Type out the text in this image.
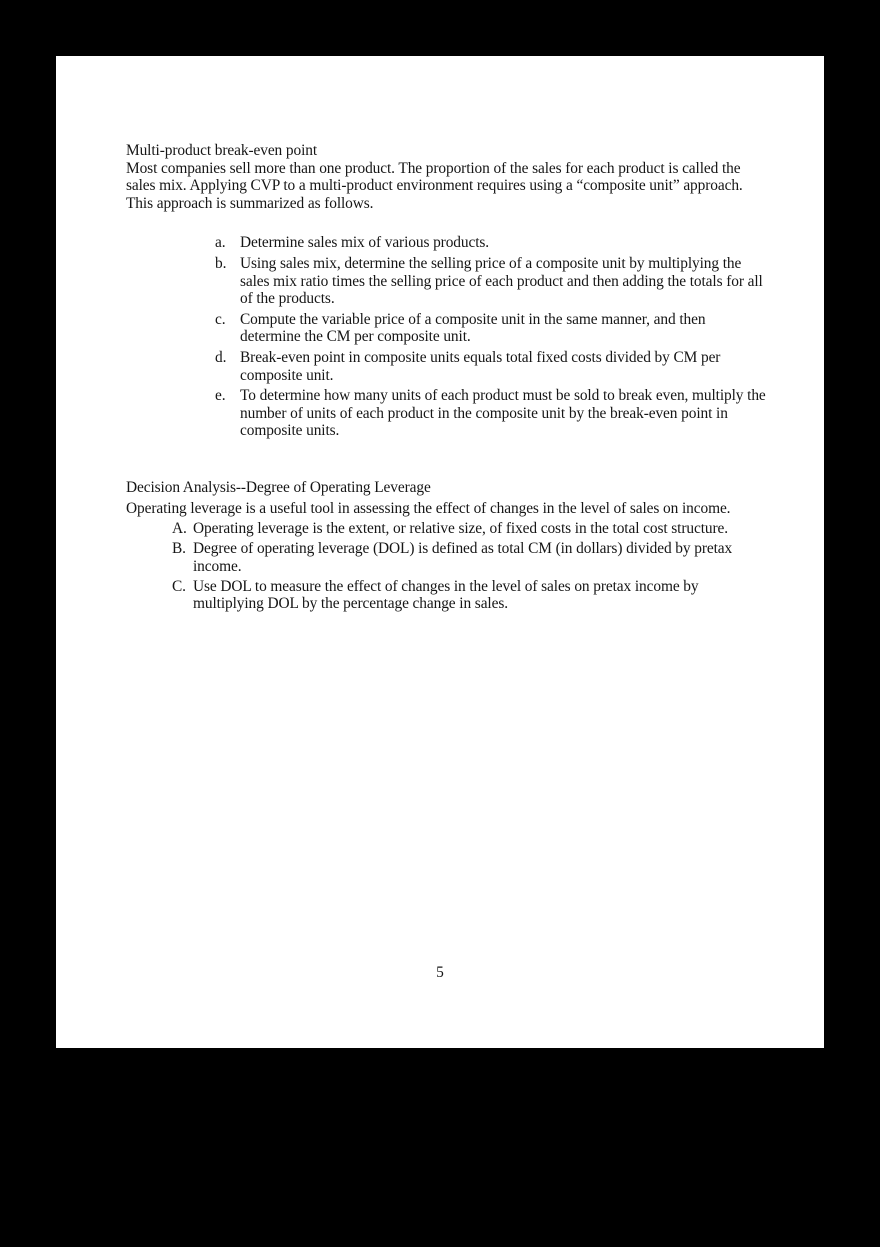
Multi-product break-even point

Most companies sell more than one product. The proportion of the sales for each product is called the sales mix. Applying CVP to a multi-product environment requires using a “composite unit” approach. This approach is summarized as follows.

a. Determine sales mix of various products.
b. Using sales mix, determine the selling price of a composite unit by multiplying the sales mix ratio times the selling price of each product and then adding the totals for all of the products.
c. Compute the variable price of a composite unit in the same manner, and then determine the CM per composite unit.
d. Break-even point in composite units equals total fixed costs divided by CM per composite unit.
e. To determine how many units of each product must be sold to break even, multiply the number of units of each product in the composite unit by the break-even point in composite units.
Decision Analysis--Degree of Operating Leverage

Operating leverage is a useful tool in assessing the effect of changes in the level of sales on income.

A. Operating leverage is the extent, or relative size, of fixed costs in the total cost structure.
B. Degree of operating leverage (DOL) is defined as total CM (in dollars) divided by pretax income.
C. Use DOL to measure the effect of changes in the level of sales on pretax income by multiplying DOL by the percentage change in sales.
5
